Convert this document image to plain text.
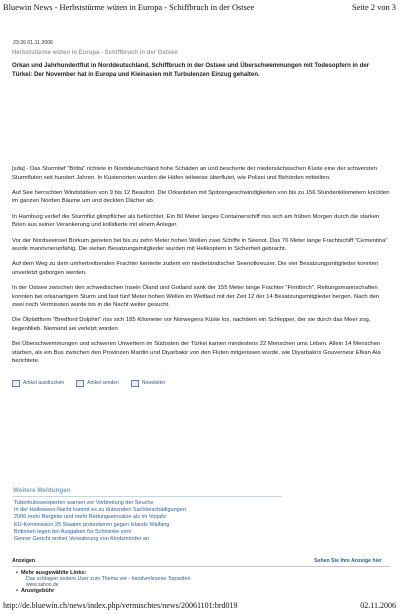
Bluewin News - Herbststürme wüten in Europa - Schiffbruch in der Ostsee	Seite 2 von 3
23:26 01.11.2006
Herbststürme wüten in Europa - Schiffbruch in der Ostsee
Orkan und Jahrhundertflut in Norddeutschland, Schiffbruch in der Ostsee und Überschwemmungen mit Todesopfern in der Türkei: Der November hat in Europa und Kleinasien mit Turbulenzen Einzug gehalten.

[sda] - Das Sturmtief "Britta" richtete in Norddeutschland hohe Schäden an und bescherte der niedersächsischen Küste eine der schwersten Sturmfluten seit hundert Jahren. In Küstenorten wurden die Häfen teilweise überflutet, wie Polizei und Behörden mitteilten.

Auf See herrschten Windstärken von 9 bis 12 Beaufort. Die Orkanböen mit Spitzengeschwindigkeiten von bis zu 156 Stundenkilometern knickten im ganzen Norden Bäume um und deckten Dächer ab.

In Hamburg verlief die Sturmflut glimpflicher als befürchtet. Ein 80 Meter langes Containerschiff riss sich am frühen Morgen durch die starken Böen aus seiner Verankerung und kollidierte mit einem Anleger.

Vor der Nordseeinsel Borkum gerieten bei bis zu zehn Meter hohen Wellen zwei Schiffe in Seenot. Das 76 Meter lange Frachtschiff "Cementina" wurde manövrierunfähig. Die sieben Besatzungsmitglieder wurden mit Helikoptern in Sicherheit gebracht.

Auf dem Weg zu dem umhertreibenden Frachter kenterte zudem ein niederländischer Seenotkreuzer. Die vier Besatzungsmitglieder konnten unverletzt geborgen werden.

In der Ostsee zwischen den schwedischen Inseln Öland und Gotland sank der 155 Meter lange Frachter "Finnbirch". Rettungsmannschaften konnten bei orkanartigem Sturm und fast fünf Meter hohen Wellen im Wettlauf mit der Zeit 12 der 14 Besatzungsmitglieder bergen. Nach den zwei noch Vermissten wurde bis in die Nacht weiter gesucht.

Die Ölplattform "Bredford Dolphin" riss sich 185 Kilometer vor Norwegens Küste los, nachdem ein Schlepper, der sie durch das Meer zog, liegenblieb. Niemand sei verletzt worden.

Bei Überschwemmungen und schweren Unwettern im Südosten der Türkei kamen mindestens 22 Menschen ums Leben. Allein 14 Menschen starben, als ein Bus zwischen den Provinzen Mardin und Diyarbakir von den Fluten mitgerissen wurde, wie Diyarbakirs Gouverneur Efkan Ala berichtete.

Artikel ausdrucken	Artikel senden	Newsletter
Weitere Meldungen
Tuberkuloseexperten warnen vor Verbreitung der Seuche
In der Halloween-Nacht kommt es zu dutzenden Sachbeschädigungen
2006 mehr Bergtote und mehr Rettungseinsätze als im Vorjahr
EU-Kommission 25 Staaten protestieren gegen Islands Walfang
Britinnen legen bei Ausgaben für Schminke vorn
Gerner Gericht ordnet Verwahrung von Kindsmörder an
Anzeigen	Sehen Sie Ihre Anzeige hier
• Mehr ausgewählte Links:
Das schlagen andere User zum Thema vor - handverlesene Topseiten
www.sahoo.de
• Anzeigebühr
http://de.bluewin.ch/news/index.php/vermischtes/news/20061101:brd019	02.11.2006
